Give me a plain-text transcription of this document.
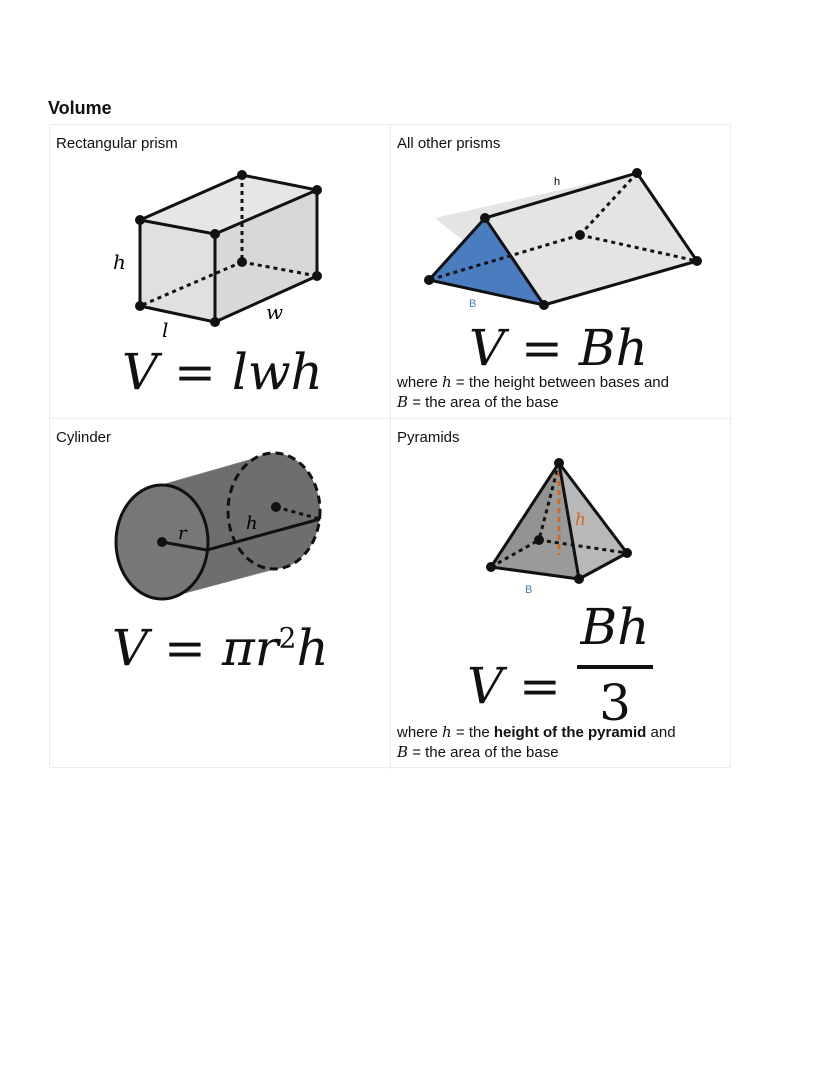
Volume
Rectangular prism
h
l
w
V = lwh
All other prisms
h
B
V = Bh
where h = the height between bases and
B = the area of the base
Cylinder
r	h
$V = \pi r^2h$
Pyramids
h
B
V =
Bh
3
where h = the height of the pyramid and
B = the area of the base
